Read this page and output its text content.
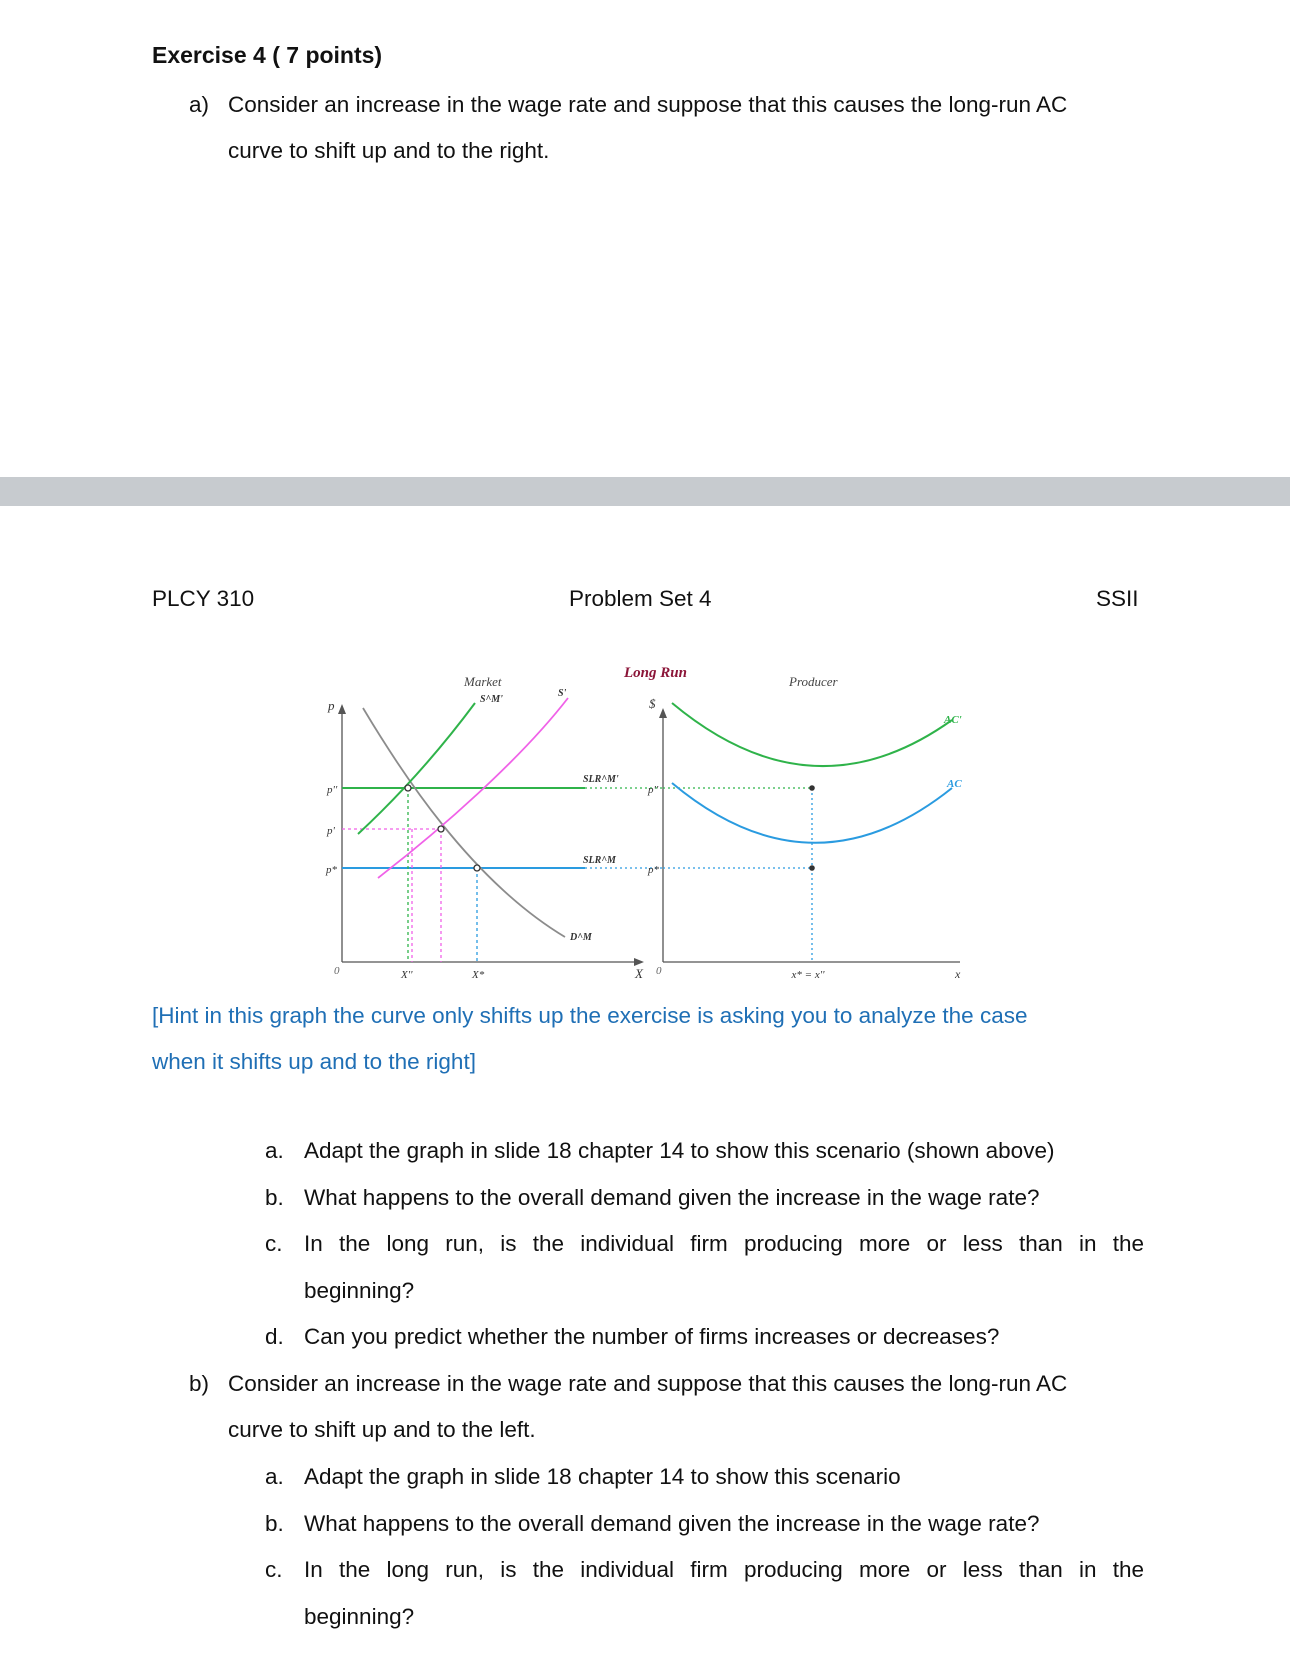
Exercise 4 ( 7 points)
a) Consider an increase in the wage rate and suppose that this causes the long-run AC
curve to shift up and to the right.
PLCY 310	Problem Set 4	SSII
Long Run
Market	Producer
p
X
0
$
x
0
p''
p'
p*
p''
p*
X''	X*	x* = x''
S^M'
S'
SLR^M'
SLR^M
D^M
AC'
AC
[Hint in this graph the curve only shifts up the exercise is asking you to analyze the case
when it shifts up and to the right]
a. Adapt the graph in slide 18 chapter 14 to show this scenario (shown above)
b. What happens to the overall demand given the increase in the wage rate?
c. In the long run, is the individual firm producing more or less than in the
beginning?
d. Can you predict whether the number of firms increases or decreases?
b) Consider an increase in the wage rate and suppose that this causes the long-run AC
curve to shift up and to the left.
a. Adapt the graph in slide 18 chapter 14 to show this scenario
b. What happens to the overall demand given the increase in the wage rate?
c. In the long run, is the individual firm producing more or less than in the
beginning?
